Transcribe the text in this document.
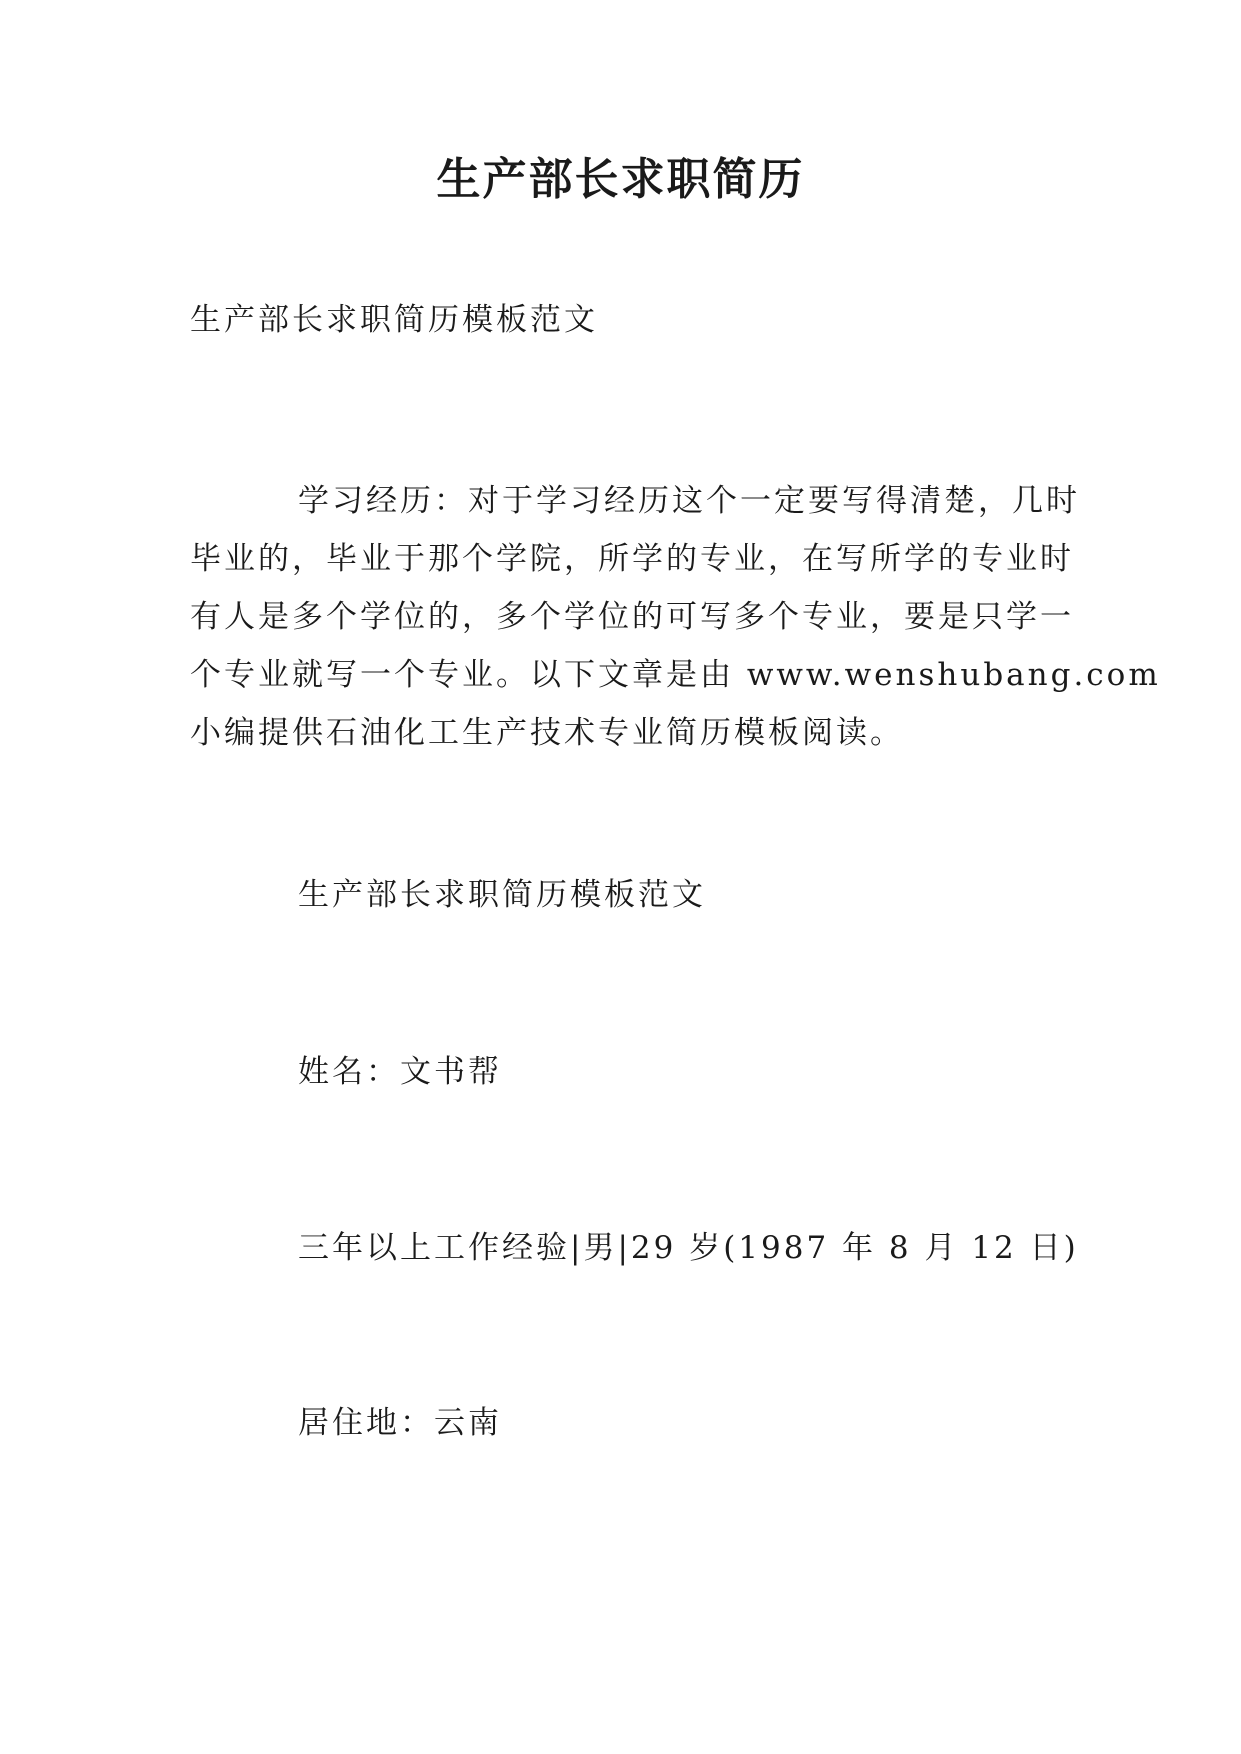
生产部长求职简历
生产部长求职简历模板范文
学习经历：对于学习经历这个一定要写得清楚，几时
毕业的，毕业于那个学院，所学的专业，在写所学的专业时
有人是多个学位的，多个学位的可写多个专业，要是只学一
个专业就写一个专业。以下文章是由 www.wenshubang.com
小编提供石油化工生产技术专业简历模板阅读。
生产部长求职简历模板范文
姓名：文书帮
三年以上工作经验|男|29 岁(1987 年 8 月 12 日)
居住地：云南
